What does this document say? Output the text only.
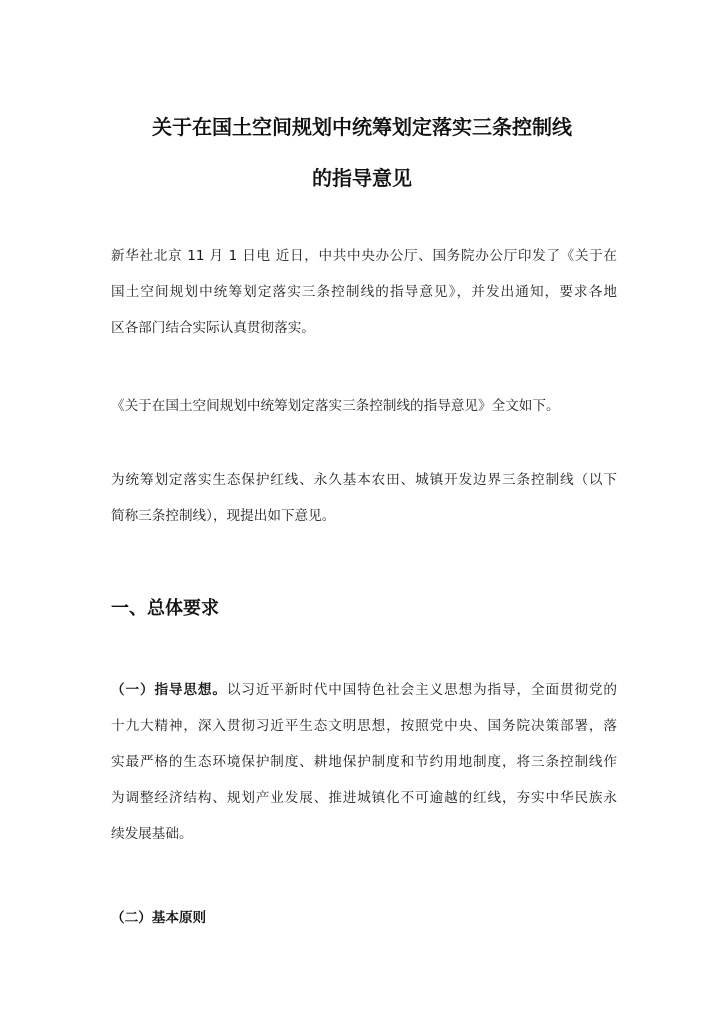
关于在国土空间规划中统筹划定落实三条控制线
的指导意见
新华社北京 11 月 1 日电 近日，中共中央办公厅、国务院办公厅印发了《关于在
国土空间规划中统筹划定落实三条控制线的指导意见》，并发出通知，要求各地
区各部门结合实际认真贯彻落实。
《关于在国土空间规划中统筹划定落实三条控制线的指导意见》全文如下。
为统筹划定落实生态保护红线、永久基本农田、城镇开发边界三条控制线（以下
简称三条控制线），现提出如下意见。
一、总体要求
（一）指导思想。以习近平新时代中国特色社会主义思想为指导，全面贯彻党的
十九大精神，深入贯彻习近平生态文明思想，按照党中央、国务院决策部署，落
实最严格的生态环境保护制度、耕地保护制度和节约用地制度，将三条控制线作
为调整经济结构、规划产业发展、推进城镇化不可逾越的红线，夯实中华民族永
续发展基础。
（二）基本原则
